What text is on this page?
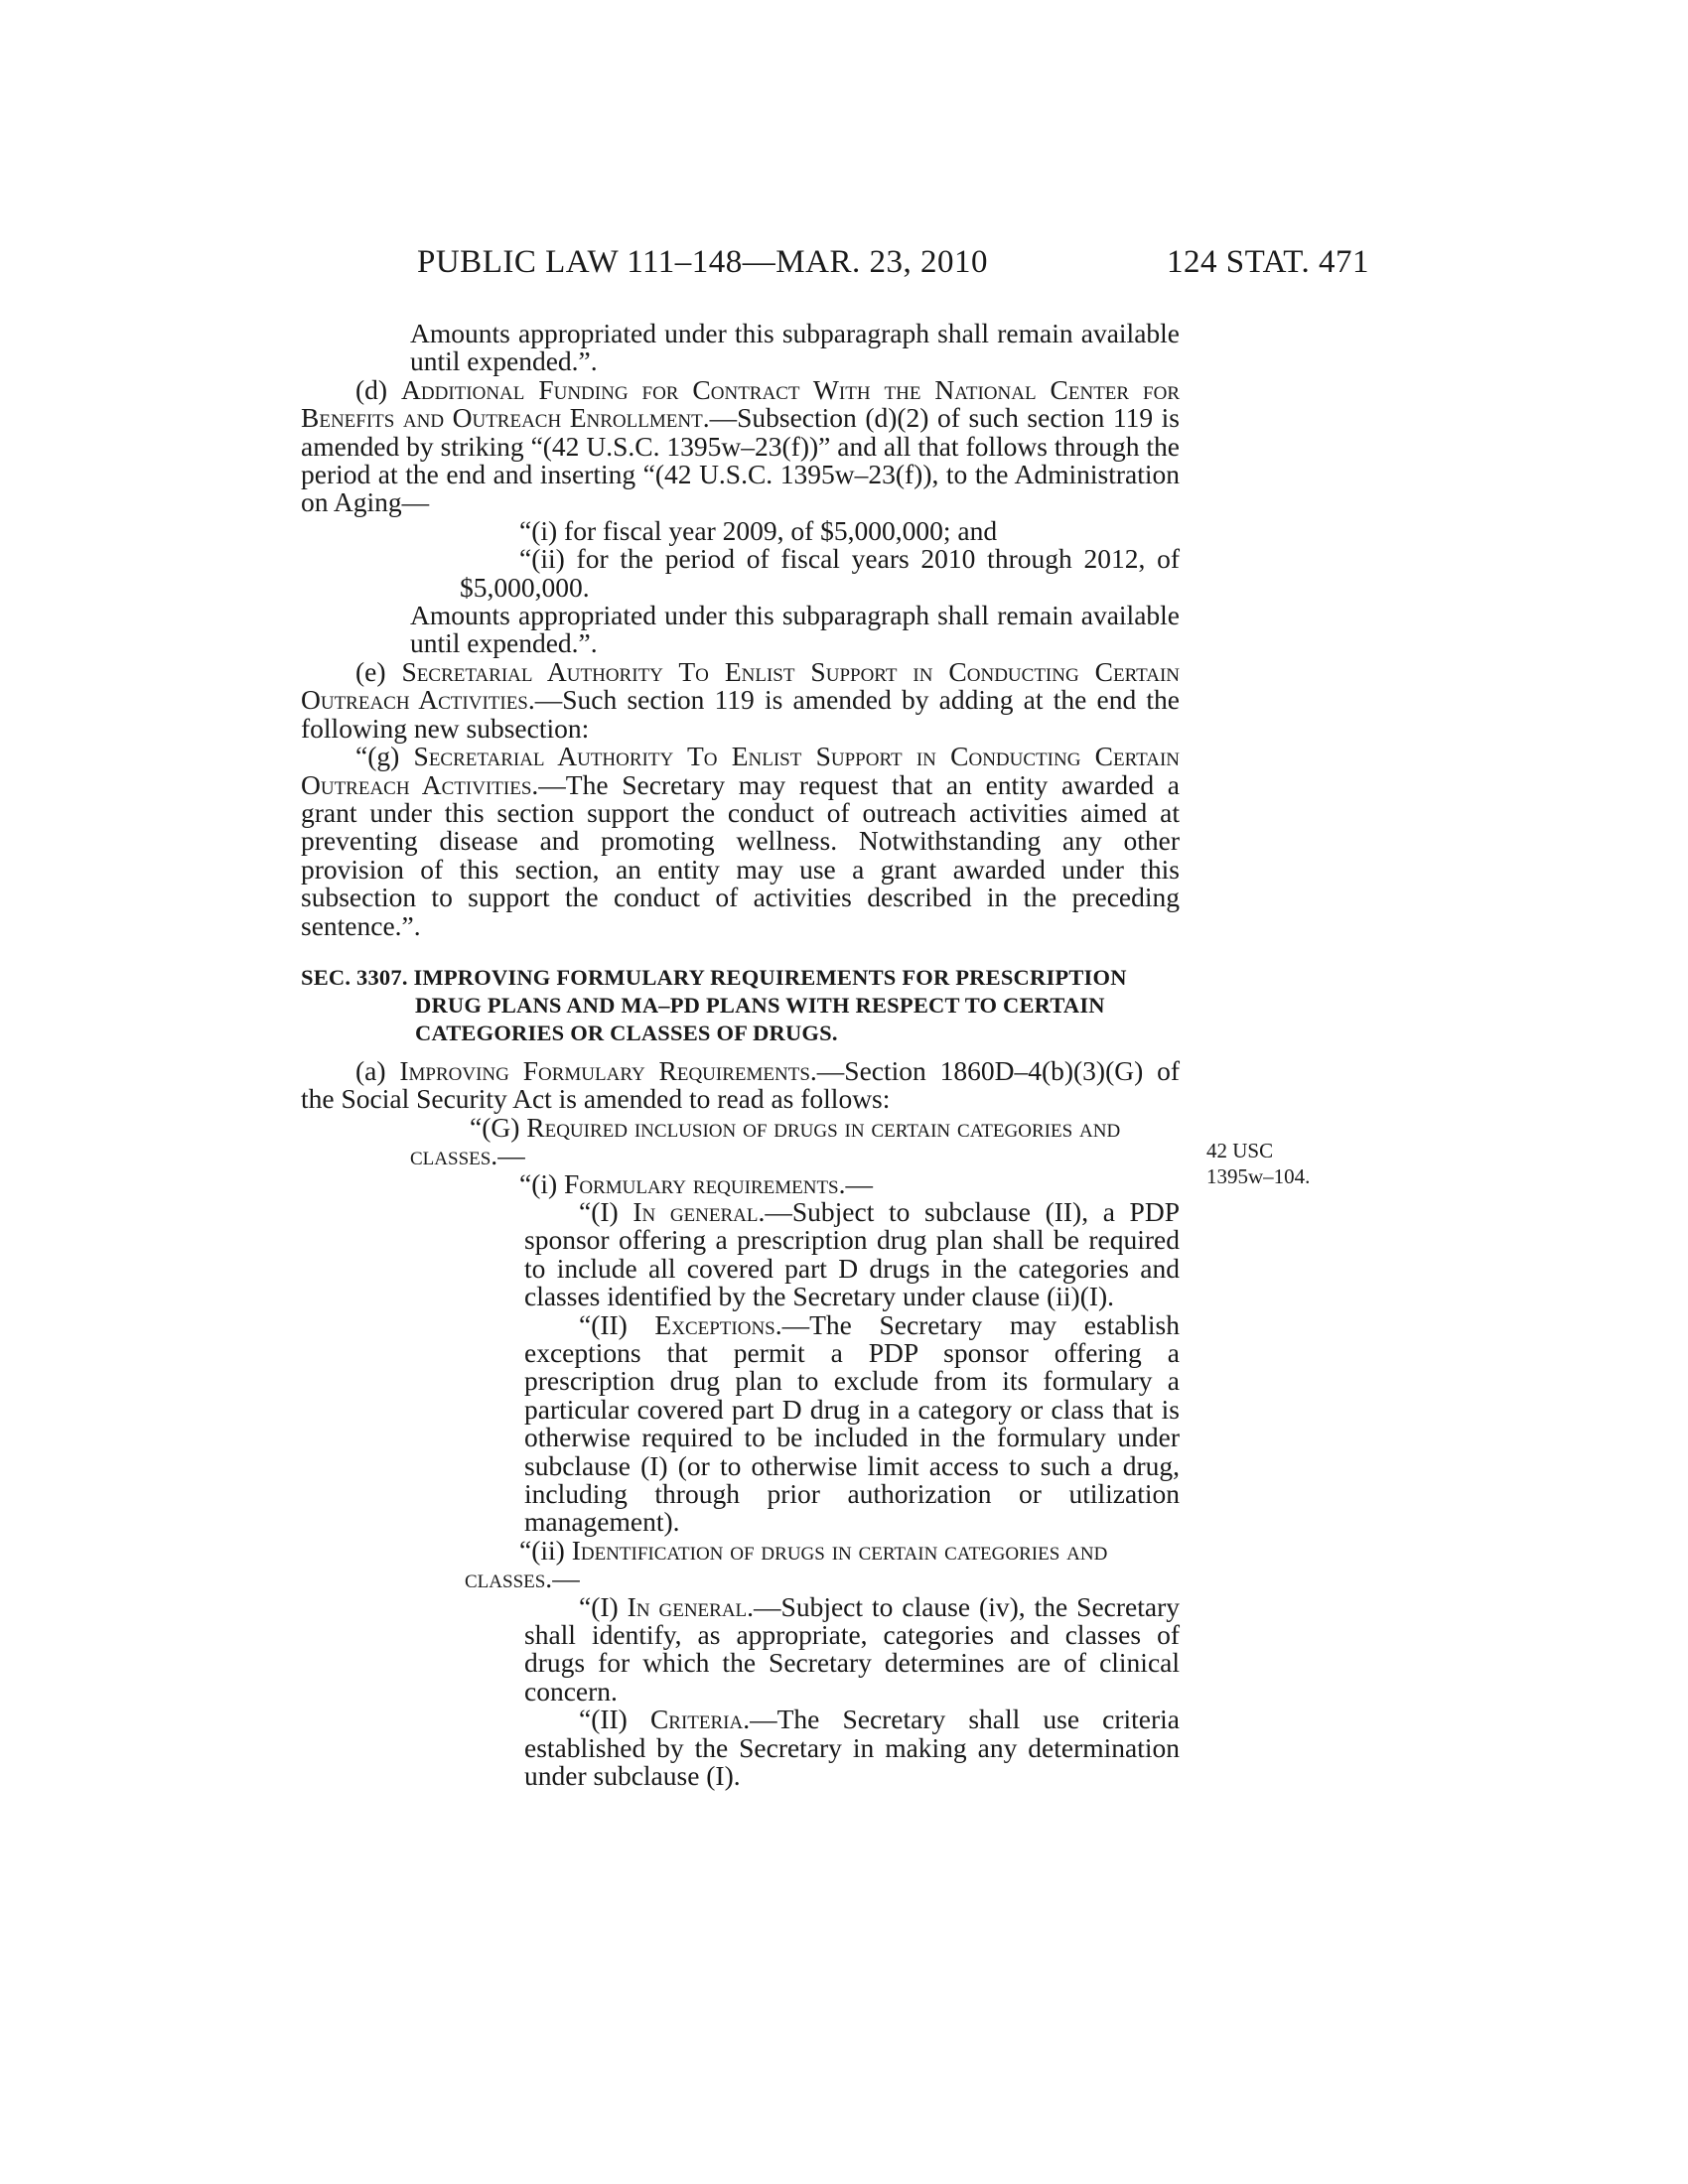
PUBLIC LAW 111–148—MAR. 23, 2010	124 STAT. 471
42 USC
1395w–104.

Amounts appropriated under this subparagraph shall remain available until expended.”.

(d) Additional Funding for Contract With the National Center for Benefits and Outreach Enrollment.—Subsection (d)(2) of such section 119 is amended by striking “(42 U.S.C. 1395w–23(f))” and all that follows through the period at the end and inserting “(42 U.S.C. 1395w–23(f)), to the Administration on Aging—

“(i) for fiscal year 2009, of $5,000,000; and

“(ii) for the period of fiscal years 2010 through 2012, of $5,000,000.

Amounts appropriated under this subparagraph shall remain available until expended.”.

(e) Secretarial Authority To Enlist Support in Conducting Certain Outreach Activities.—Such section 119 is amended by adding at the end the following new subsection:

“(g) Secretarial Authority To Enlist Support in Conducting Certain Outreach Activities.—The Secretary may request that an entity awarded a grant under this section support the conduct of outreach activities aimed at preventing disease and promoting wellness. Notwithstanding any other provision of this section, an entity may use a grant awarded under this subsection to support the conduct of activities described in the preceding sentence.”.

SEC. 3307. IMPROVING FORMULARY REQUIREMENTS FOR PRESCRIPTION DRUG PLANS AND MA–PD PLANS WITH RESPECT TO CERTAIN CATEGORIES OR CLASSES OF DRUGS.

(a) Improving Formulary Requirements.—Section 1860D–4(b)(3)(G) of the Social Security Act is amended to read as follows:

“(G) Required inclusion of drugs in certain categories and classes.—

“(i) Formulary requirements.—

“(I) In general.—Subject to subclause (II), a PDP sponsor offering a prescription drug plan shall be required to include all covered part D drugs in the categories and classes identified by the Secretary under clause (ii)(I).

“(II) Exceptions.—The Secretary may establish exceptions that permit a PDP sponsor offering a prescription drug plan to exclude from its formulary a particular covered part D drug in a category or class that is otherwise required to be included in the formulary under subclause (I) (or to otherwise limit access to such a drug, including through prior authorization or utilization management).

“(ii) Identification of drugs in certain categories and classes.—

“(I) In general.—Subject to clause (iv), the Secretary shall identify, as appropriate, categories and classes of drugs for which the Secretary determines are of clinical concern.

“(II) Criteria.—The Secretary shall use criteria established by the Secretary in making any determination under subclause (I).
